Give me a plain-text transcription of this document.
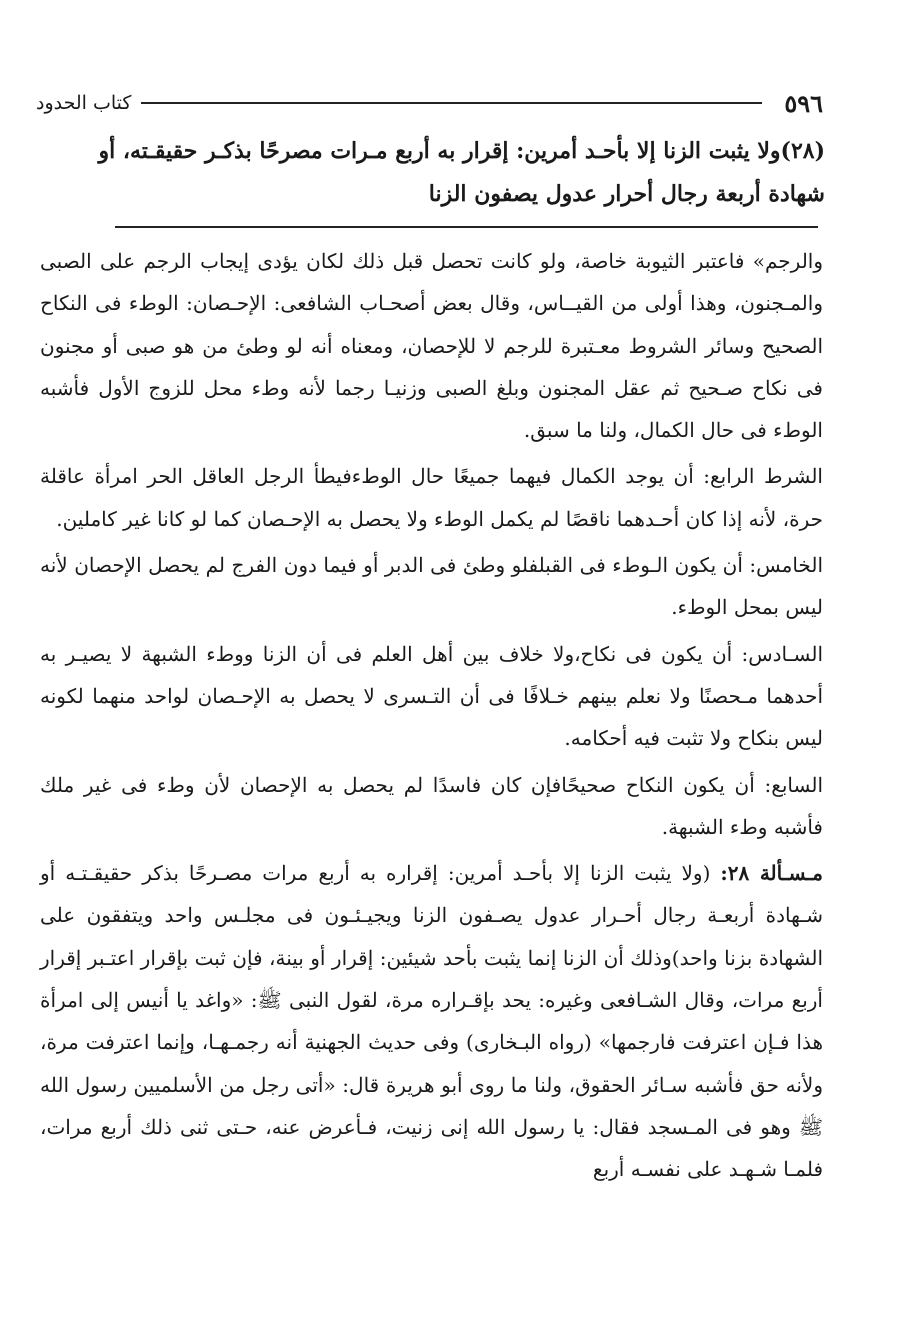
٥٩٦
كتاب الحدود

(٢٨)ولا يثبت الزنا إلا بأحـد أمرين: إقرار به أربع مـرات مصرحًا بذكـر حقيقـته، أو

شهادة أربعة رجال أحرار عدول يصفون الزنا

والرجم» فاعتبر الثيوبة خاصة، ولو كانت تحصل قبل ذلك لكان يؤدى إيجاب الرجم على الصبى والمـجنون، وهذا أولى من القيــاس، وقال بعض أصحـاب الشافعى: الإحـصان: الوطء فى النكاح الصحيح وسائر الشروط معـتبرة للرجم لا للإحصان، ومعناه أنه لو وطئ من هو صبى أو مجنون فى نكاح صـحيح ثم عقل المجنون وبلغ الصبى وزنيـا رجما لأنه وطء محل للزوج الأول فأشبه الوطء فى حال الكمال، ولنا ما سبق.

الشرط الرابع: أن يوجد الكمال فيهما جميعًا حال الوطءفيطأ الرجل العاقل الحر امرأة عاقلة حرة، لأنه إذا كان أحـدهما ناقصًا لم يكمل الوطء ولا يحصل به الإحـصان كما لو كانا غير كاملين.

الخامس: أن يكون الـوطء فى القبلفلو وطئ فى الدبر أو فيما دون الفرج لم يحصل الإحصان لأنه ليس بمحل الوطء.

السـادس: أن يكون فى نكاح،ولا خلاف بين أهل العلم فى أن الزنا ووطء الشبهة لا يصيـر به أحدهما مـحصنًا ولا نعلم بينهم خـلافًا فى أن التـسرى لا يحصل به الإحـصان لواحد منهما لكونه ليس بنكاح ولا تثبت فيه أحكامه.

السابع: أن يكون النكاح صحيحًافإن كان فاسدًا لم يحصل به الإحصان لأن وطء فى غير ملك فأشبه وطء الشبهة.

مـسـألة ٢٨: (ولا يثبت الزنا إلا بأحـد أمرين: إقراره به أربع مرات مصـرحًا بذكر حقيقـتـه أو شـهادة أربعـة رجال أحـرار عدول يصـفون الزنا ويجيـئـون فى مجلـس واحد ويتفقون على الشهادة بزنا واحد)وذلك أن الزنا إنما يثبت بأحد شيئين: إقرار أو بينة، فإن ثبت بإقرار اعتـبر إقرار أربع مرات، وقال الشـافعى وغيره: يحد بإقـراره مرة، لقول النبى ﷺ: «واغد يا أنيس إلى امرأة هذا فـإن اعترفت فارجمها» (رواه البـخارى) وفى حديث الجهنية أنه رجمـهـا، وإنما اعترفت مرة، ولأنه حق فأشبه سـائر الحقوق، ولنا ما روى أبو هريرة قال: «أتى رجل من الأسلميين رسول الله ﷺ وهو فى المـسجد فقال: يا رسول الله إنى زنيت، فـأعرض عنه، حـتى ثنى ذلك أربع مرات، فلمـا شـهـد على نفسـه أربع
